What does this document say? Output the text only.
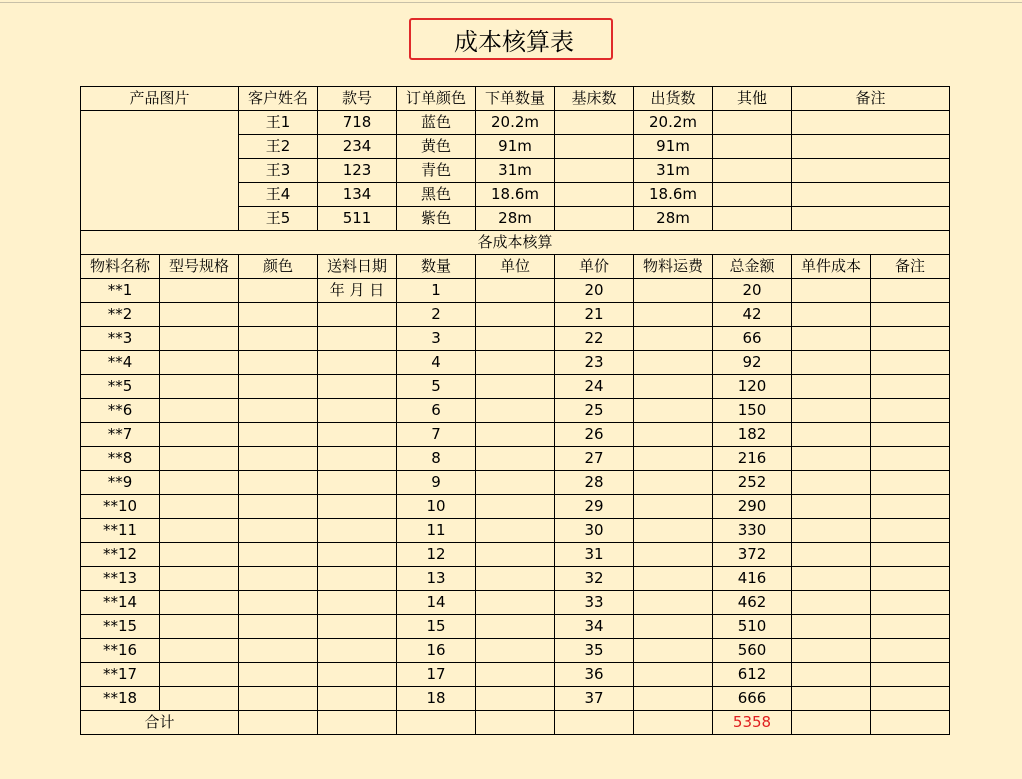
成本核算表
产品图片		客户姓名	款号	订单颜色	下单数量	基床数	出货数	其他	备注	
		王1	718	蓝色	20.2m		20.2m			
		王2	234	黄色	91m		91m			
		王3	123	青色	31m		31m			
		王4	134	黑色	18.6m		18.6m			
		王5	511	紫色	28m		28m			
各成本核算										
物料名称	型号规格	颜色	送料日期	数量	单位	单价	物料运费	总金额	单件成本	备注
**1			年 月 日	1		20		20		
**2				2		21		42		
**3				3		22		66		
**4				4		23		92		
**5				5		24		120		
**6				6		25		150		
**7				7		26		182		
**8				8		27		216		
**9				9		28		252		
**10				10		29		290		
**11				11		30		330		
**12				12		31		372		
**13				13		32		416		
**14				14		33		462		
**15				15		34		510		
**16				16		35		560		
**17				17		36		612		
**18				18		37		666		
合计								5358		
